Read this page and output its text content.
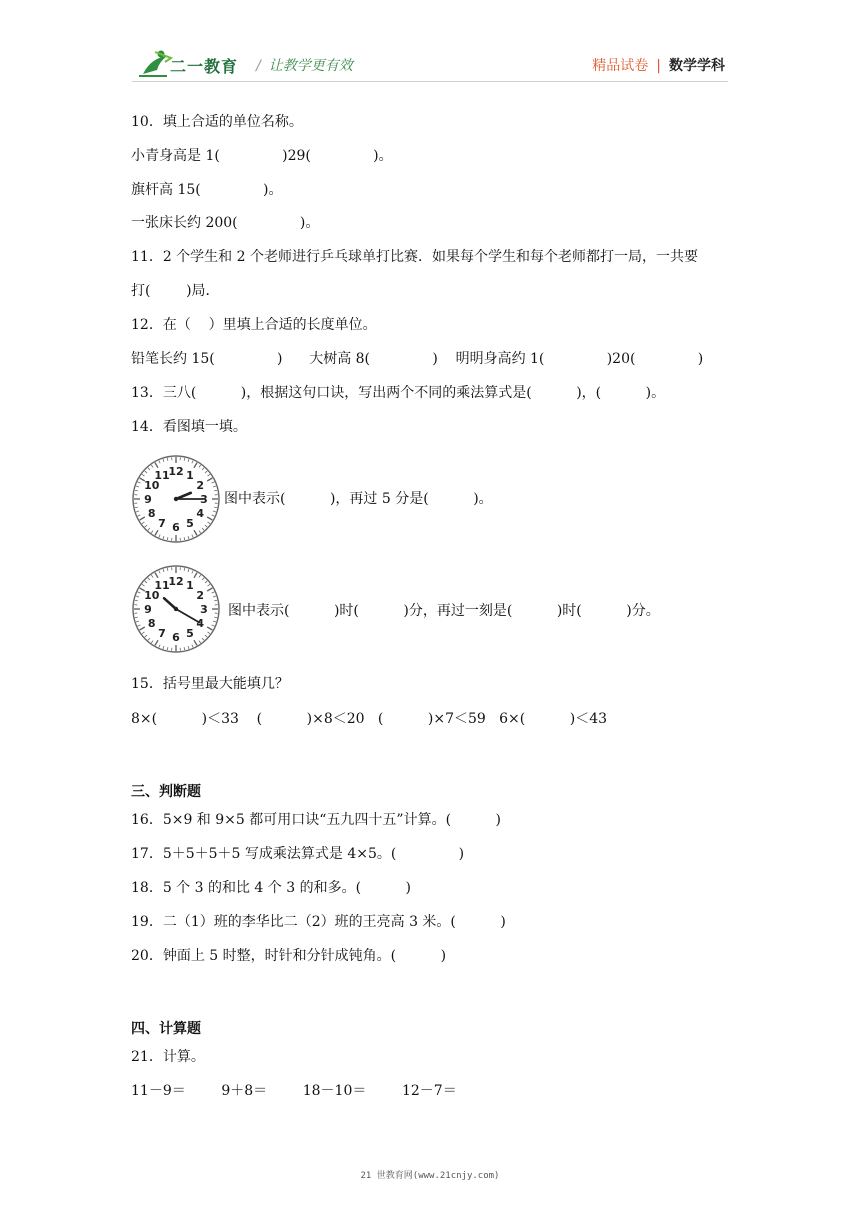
二一教育 / 让教学更有效	精品试卷 | 数学学科
10．填上合适的单位名称。
小青身高是 1(              )29(              )。
旗杆高 15(              )。
一张床长约 200(              )。
11．2 个学生和 2 个老师进行乒乓球单打比赛．如果每个学生和每个老师都打一局，一共要
打(        )局．
12．在（    ）里填上合适的长度单位。
铅笔长约 15(              )      大树高 8(              )    明明身高约 1(              )20(              )
13．三八(          )，根据这句口诀，写出两个不同的乘法算式是(          )，(          )。
14．看图填一填。
12 1
2
3
4
5
6
7
8
9
10
11
图中表示(          )，再过 5 分是(          )。
12 1
2
3
4
5
6
7
8
9
10
11
图中表示(          )时(          )分，再过一刻是(          )时(          )分。
15．括号里最大能填几？
8×(          )＜33    (          )×8＜20   (          )×7＜59   6×(          )＜43
三、判断题
16．5×9 和 9×5 都可用口诀“五九四十五”计算。(          )
17．5＋5＋5＋5 写成乘法算式是 4×5。(              )
18．5 个 3 的和比 4 个 3 的和多。(          )
19．二（1）班的李华比二（2）班的王亮高 3 米。(          )
20．钟面上 5 时整，时针和分针成钝角。(          )
四、计算题
21．计算。
11－9＝        9＋8＝        18－10＝        12－7＝
21 世教育网(www.21cnjy.com)
